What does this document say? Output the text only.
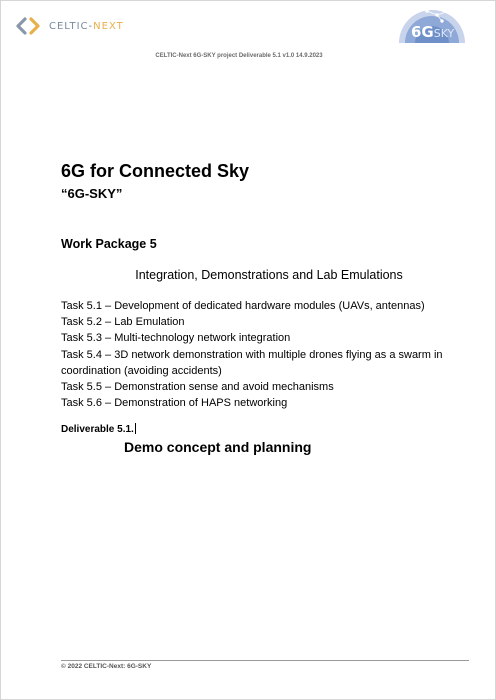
CELTIC-NEXT	6GSKY
CELTIC-Next 6G-SKY project Deliverable 5.1 v1.0 14.9.2023
6G for Connected Sky
“6G-SKY”
Work Package 5
Integration, Demonstrations and Lab Emulations
Task 5.1 – Development of dedicated hardware modules (UAVs, antennas)
Task 5.2 – Lab Emulation
Task 5.3 – Multi-technology network integration
Task 5.4 – 3D network demonstration with multiple drones flying as a swarm in coordination (avoiding accidents)
Task 5.5 – Demonstration sense and avoid mechanisms
Task 5.6 – Demonstration of HAPS networking
Deliverable 5.1.
Demo concept and planning
© 2022 CELTIC-Next: 6G-SKY
